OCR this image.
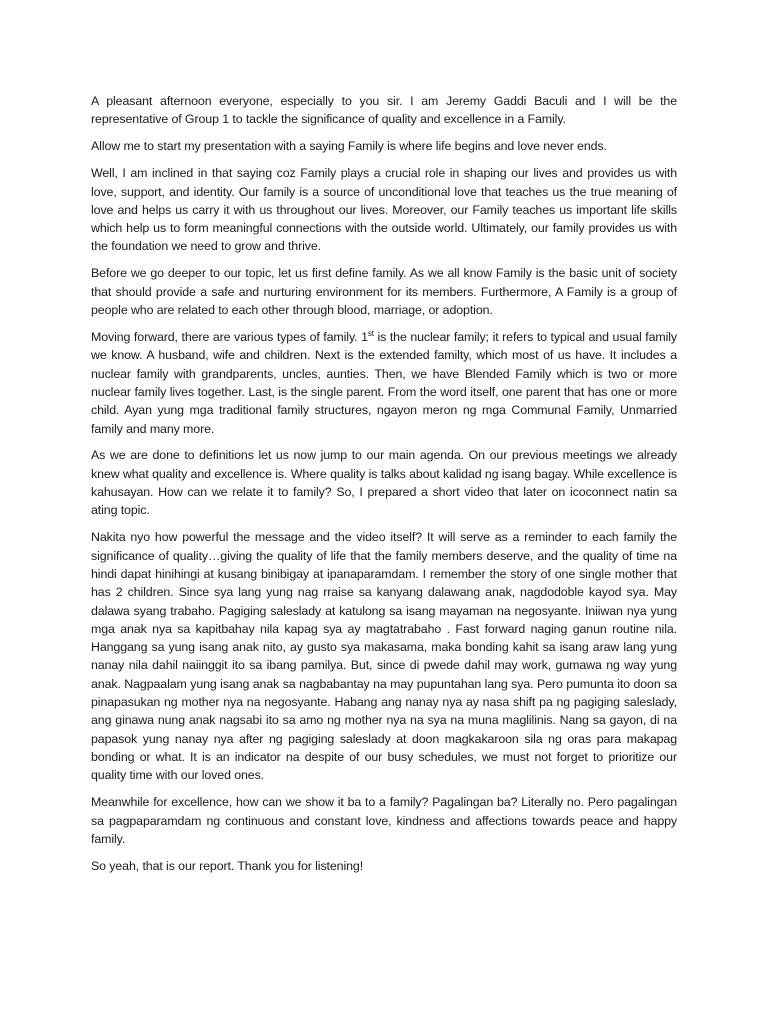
A pleasant afternoon everyone, especially to you sir. I am Jeremy Gaddi Baculi and I will be the representative of Group 1 to tackle the significance of quality and excellence in a Family.

Allow me to start my presentation with a saying Family is where life begins and love never ends.

Well, I am inclined in that saying coz Family plays a crucial role in shaping our lives and provides us with love, support, and identity. Our family is a source of unconditional love that teaches us the true meaning of love and helps us carry it with us throughout our lives. Moreover, our Family teaches us important life skills which help us to form meaningful connections with the outside world. Ultimately, our family provides us with the foundation we need to grow and thrive.

Before we go deeper to our topic, let us first define family. As we all know Family is the basic unit of society that should provide a safe and nurturing environment for its members. Furthermore, A Family is a group of people who are related to each other through blood, marriage, or adoption.

Moving forward, there are various types of family. 1st is the nuclear family; it refers to typical and usual family we know. A husband, wife and children. Next is the extended familty, which most of us have. It includes a nuclear family with grandparents, uncles, aunties. Then, we have Blended Family which is two or more nuclear family lives together. Last, is the single parent. From the word itself, one parent that has one or more child. Ayan yung mga traditional family structures, ngayon meron ng mga Communal Family, Unmarried family and many more.

As we are done to definitions let us now jump to our main agenda. On our previous meetings we already knew what quality and excellence is. Where quality is talks about kalidad ng isang bagay. While excellence is kahusayan. How can we relate it to family? So, I prepared a short video that later on icoconnect natin sa ating topic.

Nakita nyo how powerful the message and the video itself? It will serve as a reminder to each family the significance of quality…giving the quality of life that the family members deserve, and the quality of time na hindi dapat hinihingi at kusang binibigay at ipanaparamdam. I remember the story of one single mother that has 2 children. Since sya lang yung nag rraise sa kanyang dalawang anak, nagdodoble kayod sya. May dalawa syang trabaho. Pagiging saleslady at katulong sa isang mayaman na negosyante. Iniiwan nya yung mga anak nya sa kapitbahay nila kapag sya ay magtatrabaho . Fast forward naging ganun routine nila. Hanggang sa yung isang anak nito, ay gusto sya makasama, maka bonding kahit sa isang araw lang yung nanay nila dahil naiinggit ito sa ibang pamilya. But, since di pwede dahil may work, gumawa ng way yung anak. Nagpaalam yung isang anak sa nagbabantay na may pupuntahan lang sya. Pero pumunta ito doon sa pinapasukan ng mother nya na negosyante. Habang ang nanay nya ay nasa shift pa ng pagiging saleslady, ang ginawa nung anak nagsabi ito sa amo ng mother nya na sya na muna maglilinis. Nang sa gayon, di na papasok yung nanay nya after ng pagiging saleslady at doon magkakaroon sila ng oras para makapag bonding or what. It is an indicator na despite of our busy schedules, we must not forget to prioritize our quality time with our loved ones.

Meanwhile for excellence, how can we show it ba to a family? Pagalingan ba? Literally no. Pero pagalingan sa pagpaparamdam ng continuous and constant love, kindness and affections towards peace and happy family.

So yeah, that is our report. Thank you for listening!
